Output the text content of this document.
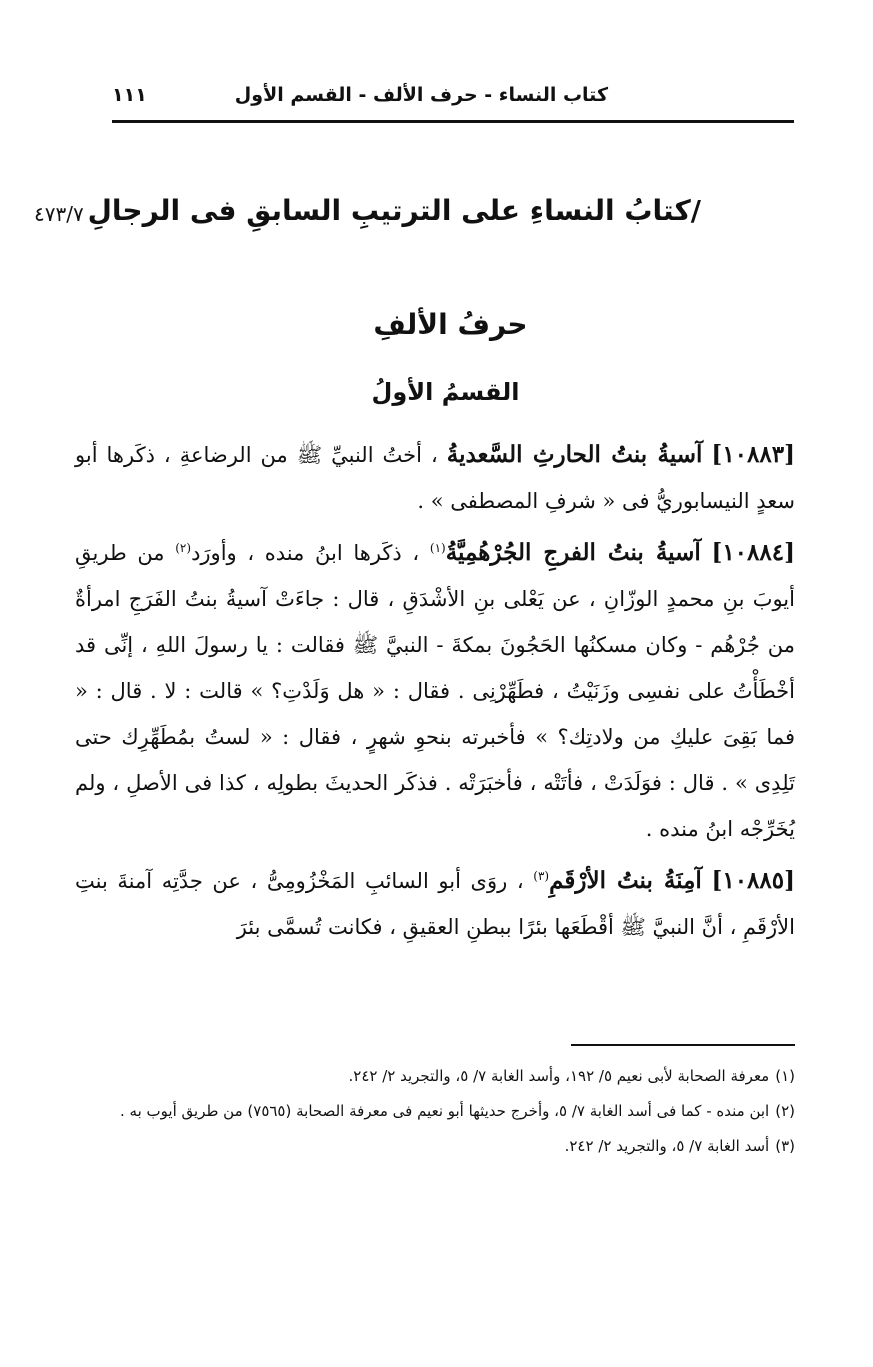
كتاب النساء - حرف الألف - القسم الأول
١١١
/كتابُ النساءِ على الترتيبِ السابقِ فى الرجالِ
٤٧٣/٧
حرفُ الألفِ
القسمُ الأولُ

[١٠٨٨٣] آسيةُ بنتُ الحارثِ السَّعديةُ ، أختُ النبيِّ ﷺ من الرضاعةِ ، ذكَرها أبو سعدٍ النيسابوريُّ فى « شرفِ المصطفى » .

[١٠٨٨٤] آسيةُ بنتُ الفرجِ الجُرْهُمِيَّةُ$^{(١)}$ ، ذكَرها ابنُ منده ، وأورَد$^{(٢)}$ من طريقِ أيوبَ بنِ محمدٍ الوزّانِ ، عن يَعْلى بنِ الأشْدَقِ ، قال : جاءَتْ آسيةُ بنتُ الفَرَجِ امرأةٌ من جُرْهُم - وكان مسكنُها الحَجُونَ بمكةَ - النبيَّ ﷺ فقالت : يا رسولَ اللهِ ، إنِّى قد أخْطَأْتُ على نفسِى وزَنَيْتُ ، فطَهِّرْنِى . فقال : « هل وَلَدْتِ؟ » قالت : لا . قال : « فما بَقِىَ عليكِ من ولادتِك؟ » فأخبرته بنحوِ شهرٍ ، فقال : « لستُ بمُطَهِّرِك حتى تَلِدِى » . قال : فوَلَدَتْ ، فأتَتْه ، فأخبَرَتْه . فذكَر الحديثَ بطولِه ، كذا فى الأصلِ ، ولم يُخَرِّجْه ابنُ منده .

[١٠٨٨٥] آمِنَةُ بنتُ الأرْقَمِ$^{(٣)}$ ، روَى أبو السائبِ المَخْزُومِىُّ ، عن جدَّتِه آمنةَ بنتِ الأرْقَمِ ، أنَّ النبيَّ ﷺ أقْطَعَها بئرًا ببطنِ العقيقِ ، فكانت تُسمَّى بئرَ

(١)معرفة الصحابة لأبى نعيم ٥/ ١٩٢، وأسد الغابة ٧/ ٥، والتجريد ٢/ ٢٤٢.

(٢)ابن منده - كما فى أسد الغابة ٧/ ٥، وأخرج حديثها أبو نعيم فى معرفة الصحابة (٧٥٦٥) من طريق أيوب به .

(٣)أسد الغابة ٧/ ٥، والتجريد ٢/ ٢٤٢.
